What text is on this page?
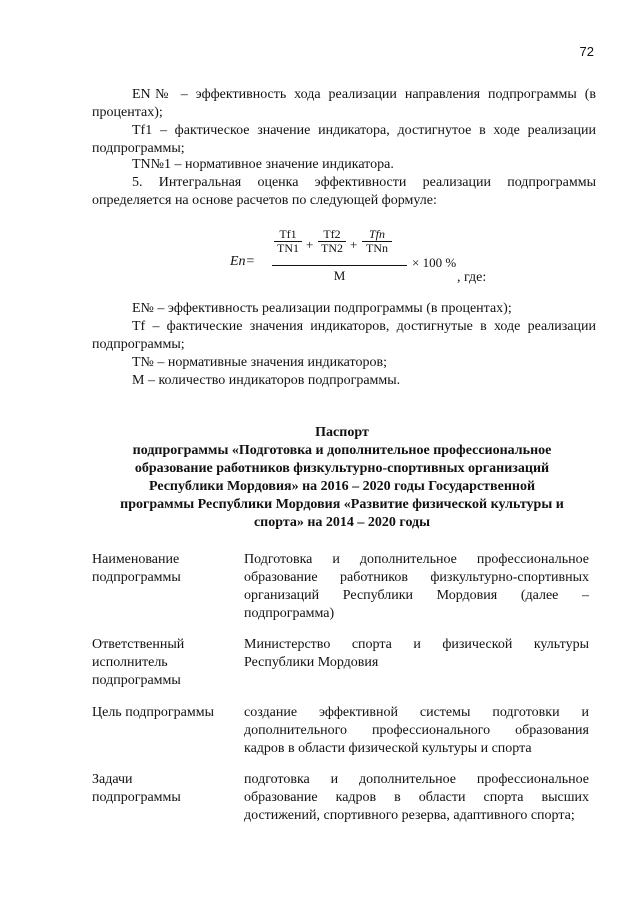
72
EN№ – эффективность хода реализации направления подпрограммы (в процентах);
Tf1 – фактическое значение индикатора, достигнутое в ходе реализации подпрограммы;
TN№1 – нормативное значение индикатора.
5. Интегральная оценка эффективности реализации подпрограммы определяется на основе расчетов по следующей формуле:
En=
$\frac{Tf1}{TN1} + \frac{Tf2}{TN2}$ +
Tfn
TNn
M
× 100 %
, где:
E№ – эффективность реализации подпрограммы (в процентах);
Tf – фактические значения индикаторов, достигнутые в ходе реализации подпрограммы;
T№ – нормативные значения индикаторов;
М – количество индикаторов подпрограммы.
Паспорт
подпрограммы «Подготовка и дополнительное профессиональное
образование работников физкультурно-спортивных организаций
Республики Мордовия» на 2016 – 2020 годы Государственной
программы Республики Мордовия «Развитие физической культуры и
спорта» на 2014 – 2020 годы
Наименование подпрограммы
Подготовка и дополнительное профессиональное образование работников физкультурно-спортивных организаций Республики Мордовия (далее – подпрограмма)
Ответственный исполнитель подпрограммы
Министерство спорта и физической культуры Республики Мордовия
Цель подпрограммы	создание эффективной системы подготовки и дополнительного профессионального образования кадров в области физической культуры и спорта
Задачи подпрограммы
подготовка и дополнительное профессиональное образование кадров в области спорта высших достижений, спортивного резерва, адаптивного спорта;
